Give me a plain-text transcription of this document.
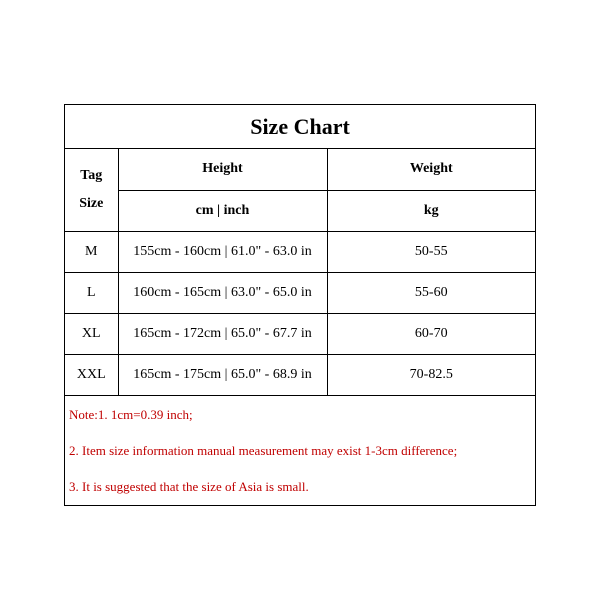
Size Chart
Tag
Size	Height	Weight
	cm | inch	kg
M	155cm - 160cm | 61.0" - 63.0 in	50-55
L	160cm - 165cm | 63.0" - 65.0 in	55-60
XL	165cm - 172cm | 65.0" - 67.7 in	60-70
XXL	165cm - 175cm | 65.0" - 68.9 in	70-82.5
Note:1. 1cm=0.39 inch;
2. Item size information manual measurement may exist 1-3cm difference;
3. It is suggested that the size of Asia is small.
